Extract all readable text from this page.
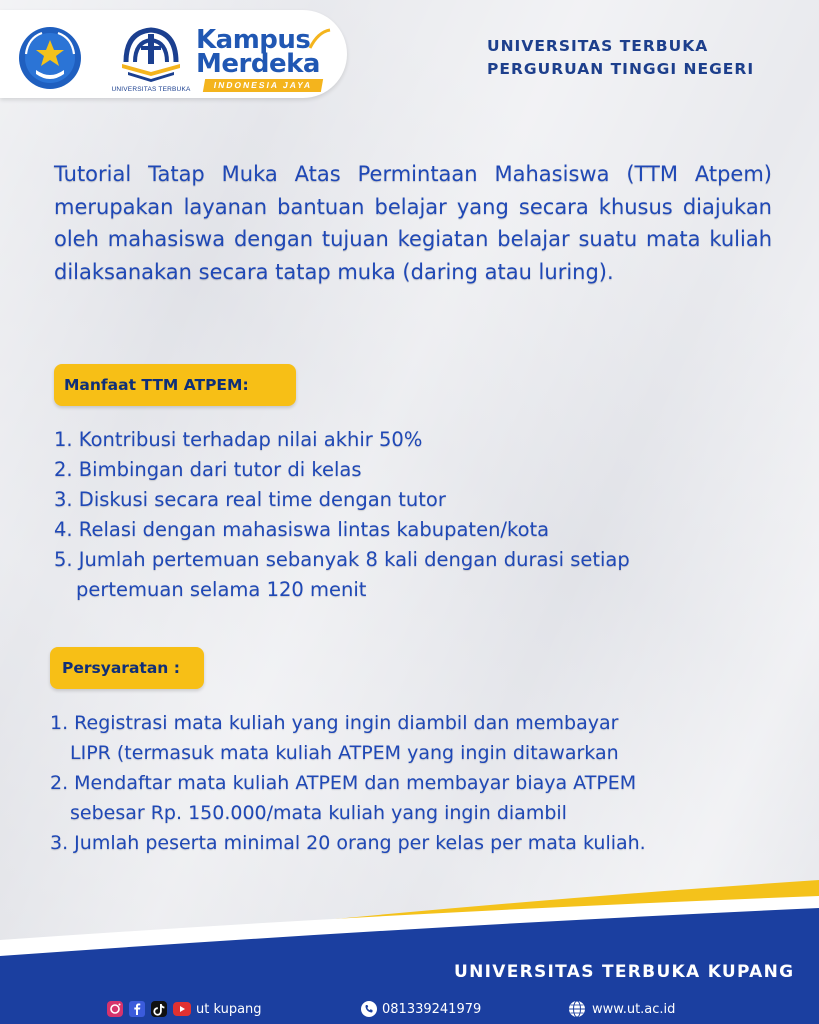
UNIVERSITAS TERBUKA
Kampus
Merdeka
INDONESIA JAYA
UNIVERSITAS TERBUKA
PERGURUAN TINGGI NEGERI
Tutorial Tatap Muka Atas Permintaan Mahasiswa (TTM Atpem) merupakan layanan bantuan belajar yang secara khusus diajukan oleh mahasiswa dengan tujuan kegiatan belajar suatu mata kuliah dilaksanakan secara tatap muka (daring atau luring).
Manfaat TTM ATPEM:
1. Kontribusi terhadap nilai akhir 50%
2. Bimbingan dari tutor di kelas
3. Diskusi secara real time dengan tutor
4. Relasi dengan mahasiswa lintas kabupaten/kota
5. Jumlah pertemuan sebanyak 8 kali dengan durasi setiap
pertemuan selama 120 menit
Persyaratan :
1. Registrasi mata kuliah yang ingin diambil dan membayar
LIPR (termasuk mata kuliah ATPEM yang ingin ditawarkan
2. Mendaftar mata kuliah ATPEM dan membayar biaya ATPEM
sebesar Rp. 150.000/mata kuliah yang ingin diambil
3. Jumlah peserta minimal 20 orang per kelas per mata kuliah.
UNIVERSITAS TERBUKA KUPANG
ut kupang	081339241979	www.ut.ac.id
